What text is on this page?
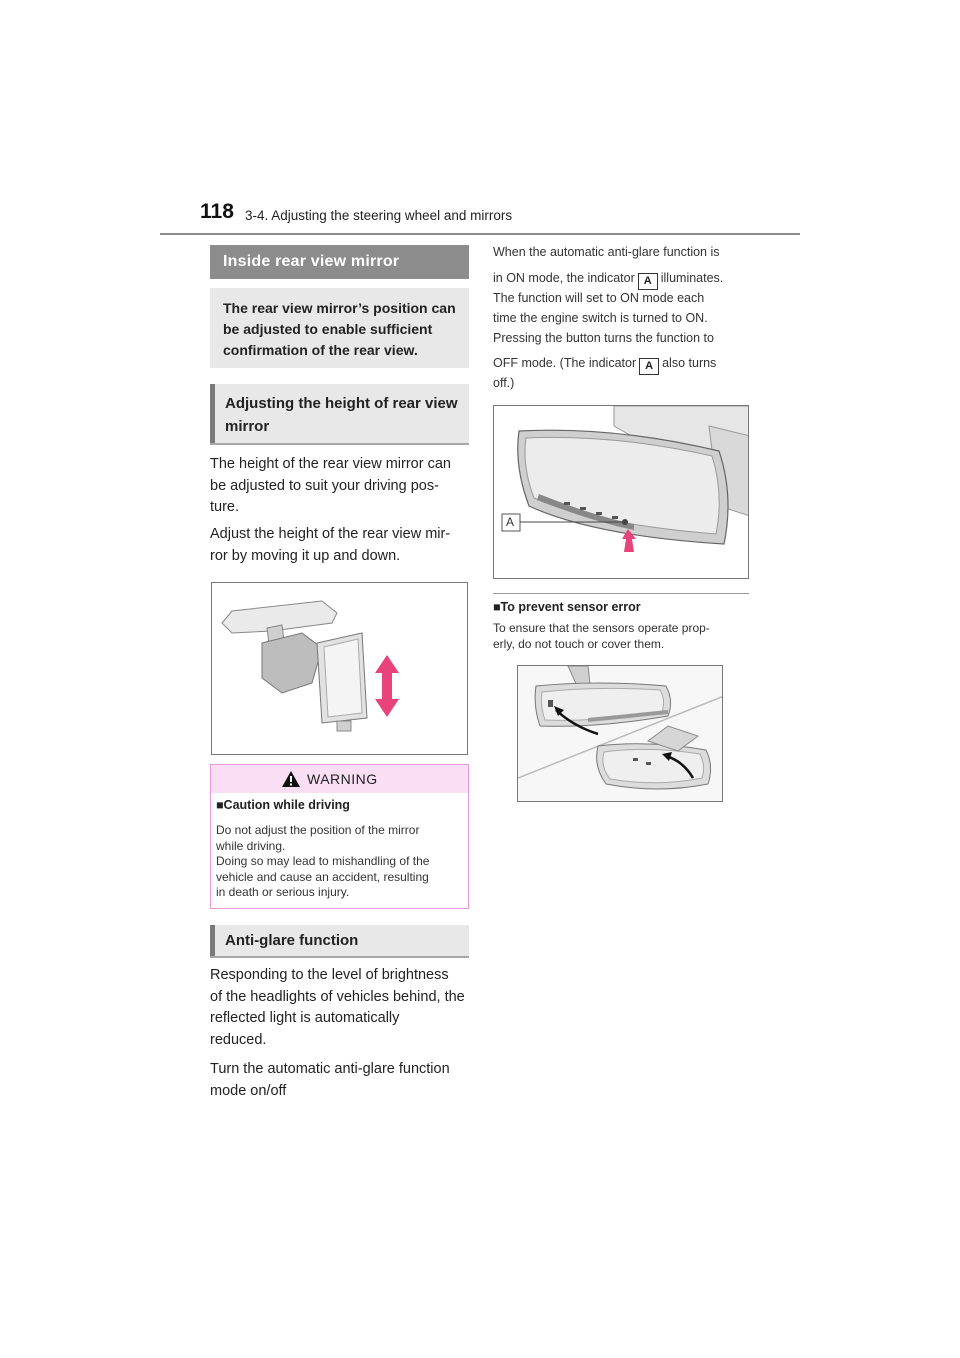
118 3-4. Adjusting the steering wheel and mirrors
Inside rear view mirror
The rear view mirror’s position can be adjusted to enable sufficient confirmation of the rear view.
Adjusting the height of rear view
mirror
The height of the rear view mirror can
be adjusted to suit your driving pos-
ture.
Adjust the height of the rear view mir-
ror by moving it up and down.
WARNING
■Caution while driving
Do not adjust the position of the mirror
while driving.
Doing so may lead to mishandling of the
vehicle and cause an accident, resulting
in death or serious injury.
Anti-glare function
Responding to the level of brightness
of the headlights of vehicles behind, the
reflected light is automatically
reduced.
Turn the automatic anti-glare function
mode on/off
When the automatic anti-glare function is
in ON mode, the indicator A illuminates.
The function will set to ON mode each
time the engine switch is turned to ON.
Pressing the button turns the function to
OFF mode. (The indicator A also turns
off.)
A
■To prevent sensor error
To ensure that the sensors operate prop-
erly, do not touch or cover them.
